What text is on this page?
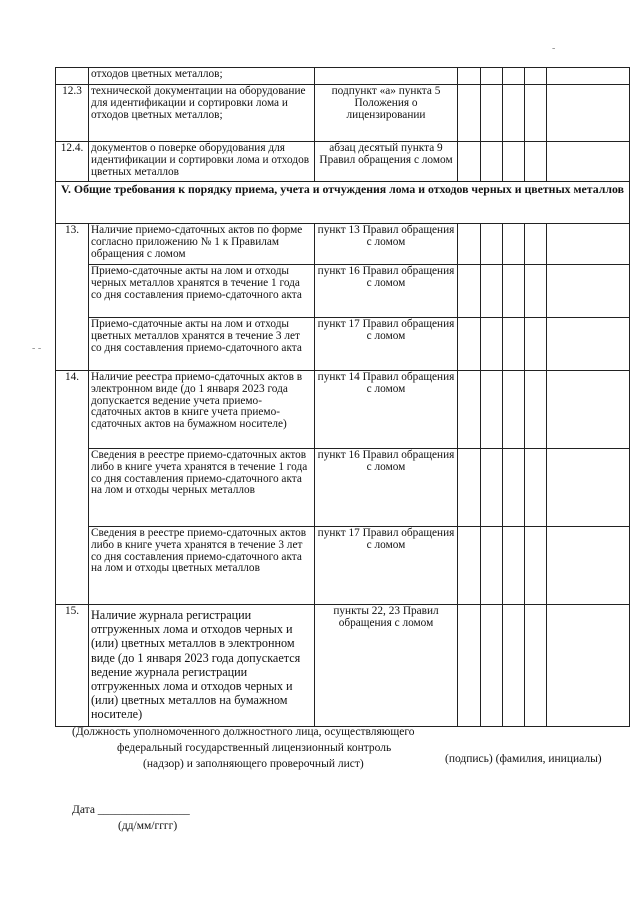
-
- -
	отходов цветных металлов;						
12.3	технической документации на оборудование для идентификации и сортировки лома и отходов цветных металлов;	подпункт «а» пункта 5 Положения о лицензировании					
12.4.	документов о поверке оборудования для идентификации и сортировки лома и отходов цветных металлов	абзац десятый пункта 9 Правил обращения с ломом					
V. Общие требования к порядку приема, учета и отчуждения лома и отходов черных и цветных металлов							
13.	Наличие приемо-сдаточных актов по форме согласно приложению № 1 к Правилам обращения с ломом	пункт 13 Правил обращения с ломом					
	Приемо-сдаточные акты на лом и отходы черных металлов хранятся в течение 1 года со дня составления приемо-сдаточного акта	пункт 16 Правил обращения с ломом					
	Приемо-сдаточные акты на лом и отходы цветных металлов хранятся в течение 3 лет со дня составления приемо-сдаточного акта	пункт 17 Правил обращения с ломом					
14.	Наличие реестра приемо-сдаточных актов в электронном виде (до 1 января 2023 года допускается ведение учета приемо-сдаточных актов в книге учета приемо-сдаточных актов на бумажном носителе)	пункт 14 Правил обращения с ломом					
	Сведения в реестре приемо-сдаточных актов либо в книге учета хранятся в течение 1 года со дня составления приемо-сдаточного акта на лом и отходы черных металлов	пункт 16 Правил обращения с ломом					
	Сведения в реестре приемо-сдаточных актов либо в книге учета хранятся в течение 3 лет со дня составления приемо-сдаточного акта на лом и отходы цветных металлов	пункт 17 Правил обращения с ломом					
15.	Наличие журнала регистрации отгруженных лома и отходов черных и (или) цветных металлов в электронном виде (до 1 января 2023 года допускается ведение журнала регистрации отгруженных лома и отходов черных и (или) цветных металлов на бумажном носителе)	пункты 22, 23 Правил обращения с ломом					
(Должность уполномоченного должностного лица, осуществляющего
федеральный государственный лицензионный контроль
(надзор) и заполняющего проверочный лист)	(подпись) (фамилия, инициалы)
Дата ________________
(дд/мм/гггг)
